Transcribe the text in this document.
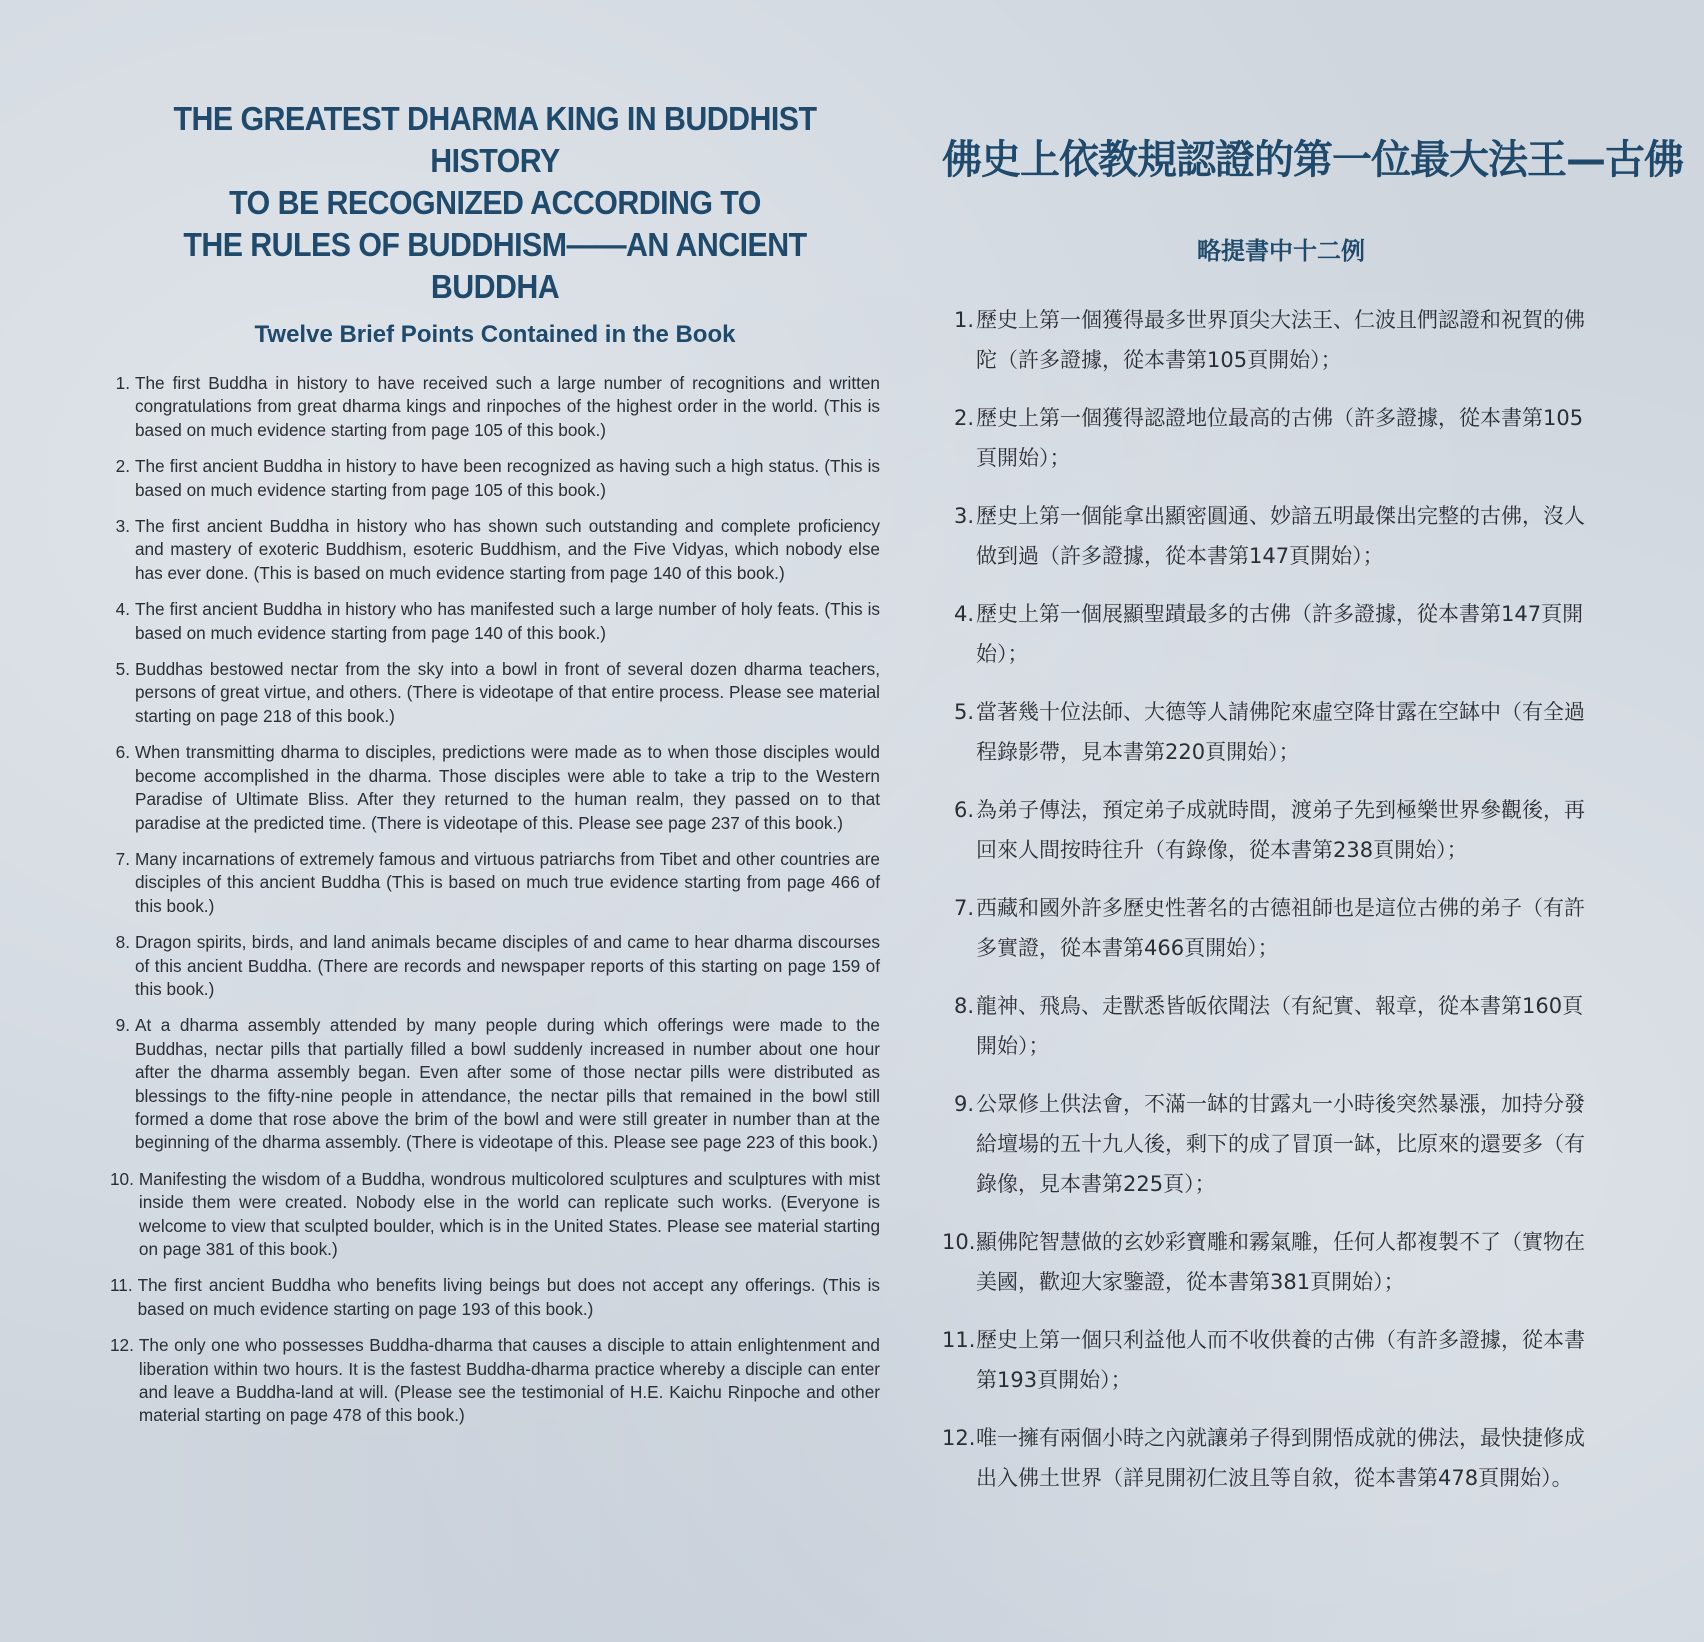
THE GREATEST DHARMA KING IN BUDDHIST HISTORY
TO BE RECOGNIZED ACCORDING TO
THE RULES OF BUDDHISM——AN ANCIENT BUDDHA
Twelve Brief Points Contained in the Book
1. The first Buddha in history to have received such a large number of recognitions and written congratulations from great dharma kings and rinpoches of the highest order in the world. (This is based on much evidence starting from page 105 of this book.)
2. The first ancient Buddha in history to have been recognized as having such a high status. (This is based on much evidence starting from page 105 of this book.)
3. The first ancient Buddha in history who has shown such outstanding and complete proficiency and mastery of exoteric Buddhism, esoteric Buddhism, and the Five Vidyas, which nobody else has ever done. (This is based on much evidence starting from page 140 of this book.)
4. The first ancient Buddha in history who has manifested such a large number of holy feats. (This is based on much evidence starting from page 140 of this book.)
5. Buddhas bestowed nectar from the sky into a bowl in front of several dozen dharma teachers, persons of great virtue, and others. (There is videotape of that entire process. Please see material starting on page 218 of this book.)
6. When transmitting dharma to disciples, predictions were made as to when those disciples would become accomplished in the dharma. Those disciples were able to take a trip to the Western Paradise of Ultimate Bliss. After they returned to the human realm, they passed on to that paradise at the predicted time. (There is videotape of this. Please see page 237 of this book.)
7. Many incarnations of extremely famous and virtuous patriarchs from Tibet and other countries are disciples of this ancient Buddha (This is based on much true evidence starting from page 466 of this book.)
8. Dragon spirits, birds, and land animals became disciples of and came to hear dharma discourses of this ancient Buddha. (There are records and newspaper reports of this starting on page 159 of this book.)
9. At a dharma assembly attended by many people during which offerings were made to the Buddhas, nectar pills that partially filled a bowl suddenly increased in number about one hour after the dharma assembly began. Even after some of those nectar pills were distributed as blessings to the fifty-nine people in attendance, the nectar pills that remained in the bowl still formed a dome that rose above the brim of the bowl and were still greater in number than at the beginning of the dharma assembly. (There is videotape of this. Please see page 223 of this book.)
10. Manifesting the wisdom of a Buddha, wondrous multicolored sculptures and sculptures with mist inside them were created. Nobody else in the world can replicate such works. (Everyone is welcome to view that sculpted boulder, which is in the United States. Please see material starting on page 381 of this book.)
11. The first ancient Buddha who benefits living beings but does not accept any offerings. (This is based on much evidence starting on page 193 of this book.)
12. The only one who possesses Buddha-dharma that causes a disciple to attain enlightenment and liberation within two hours. It is the fastest Buddha-dharma practice whereby a disciple can enter and leave a Buddha-land at will. (Please see the testimonial of H.E. Kaichu Rinpoche and other material starting on page 478 of this book.)
佛史上依教規認證的第一位最大法王—古佛
略提書中十二例
1. 歷史上第一個獲得最多世界頂尖大法王、仁波且們認證和祝賀的佛陀（許多證據，從本書第105頁開始）；
2. 歷史上第一個獲得認證地位最高的古佛（許多證據，從本書第105頁開始）；
3. 歷史上第一個能拿出顯密圓通、妙諳五明最傑出完整的古佛，沒人做到過（許多證據，從本書第147頁開始）；
4. 歷史上第一個展顯聖蹟最多的古佛（許多證據，從本書第147頁開始）；
5. 當著幾十位法師、大德等人請佛陀來虛空降甘露在空缽中（有全過程錄影帶，見本書第220頁開始）；
6. 為弟子傳法，預定弟子成就時間，渡弟子先到極樂世界參觀後，再回來人間按時往升（有錄像，從本書第238頁開始）；
7. 西藏和國外許多歷史性著名的古德祖師也是這位古佛的弟子（有許多實證，從本書第466頁開始）；
8. 龍神、飛鳥、走獸悉皆皈依聞法（有紀實、報章，從本書第160頁開始）；
9. 公眾修上供法會，不滿一缽的甘露丸一小時後突然暴漲，加持分發給壇場的五十九人後，剩下的成了冒頂一缽，比原來的還要多（有錄像，見本書第225頁）；
10. 顯佛陀智慧做的玄妙彩寶雕和霧氣雕，任何人都複製不了（實物在美國，歡迎大家鑒證，從本書第381頁開始）；
11. 歷史上第一個只利益他人而不收供養的古佛（有許多證據，從本書第193頁開始）；
12. 唯一擁有兩個小時之內就讓弟子得到開悟成就的佛法，最快捷修成出入佛土世界（詳見開初仁波且等自敘，從本書第478頁開始）。
